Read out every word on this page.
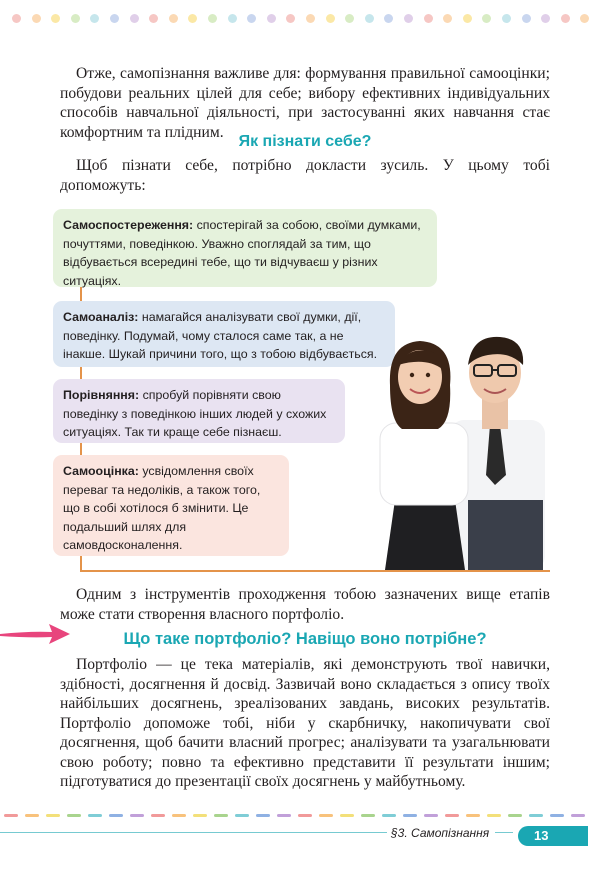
Отже, самопізнання важливе для: формування правильної самооцінки; побудови реальних цілей для себе; вибору ефективних індивідуальних способів навчальної діяльності, при застосуванні яких навчання стає комфортним та плідним.

Як пізнати себе?

Щоб пізнати себе, потрібно докласти зусиль. У цьому тобі допоможуть:

Самоспостереження: спостерігай за собою, своїми думками, почуттями, поведінкою. Уважно споглядай за тим, що відбувається всередині тебе, що ти відчуваєш у різних ситуаціях.
Самоаналіз: намагайся аналізувати свої думки, дії, поведінку. Подумай, чому сталося саме так, а не інакше. Шукай причини того, що з тобою відбувається.
Порівняння: спробуй порівняти свою поведінку з поведінкою інших людей у схожих ситуаціях. Так ти краще себе пізнаєш.
Самооцінка: усвідомлення своїх переваг та недоліків, а також того, що в собі хотілося б змінити. Це подальший шлях для самовдосконалення.

Одним з інструментів проходження тобою зазначених вище етапів може стати створення власного портфоліо.

Що таке портфоліо? Навіщо воно потрібне?

Портфоліо — це тека матеріалів, які демонструють твої навички, здібності, досягнення й досвід. Зазвичай воно складається з опису твоїх найбільших досягнень, зреалізованих завдань, високих результатів. Портфоліо допоможе тобі, ніби у скарбничку, накопичувати свої досягнення, щоб бачити власний прогрес; аналізувати та узагальнювати свою роботу; повно та ефективно представити її результати іншим; підготуватися до презентації своїх досягнень у майбутньому.

§3. Самопізнання	13
